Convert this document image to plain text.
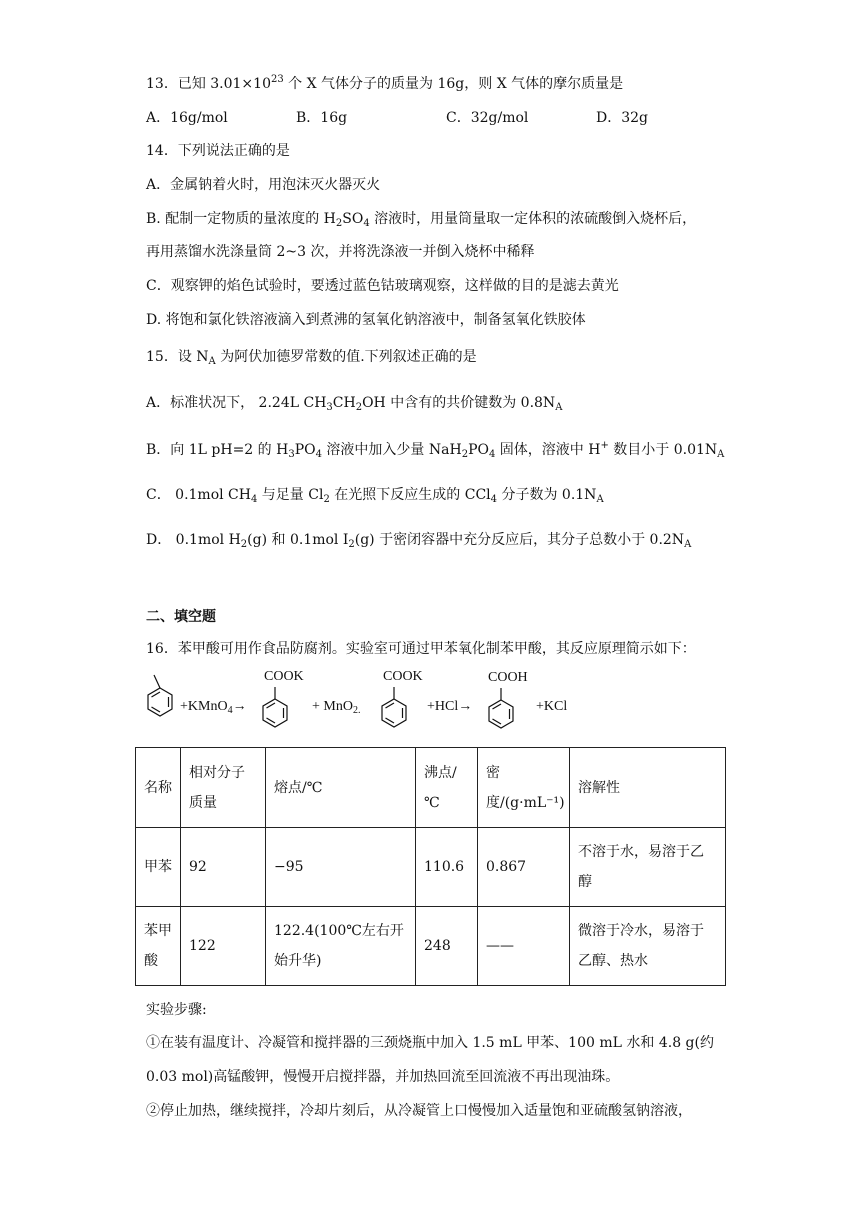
13．已知 $3.01\times 10^{23}$ 个 X 气体分子的质量为 16g，则 X 气体的摩尔质量是
A．16g/mol	B．16g	C．32g/mol	D．32g
14．下列说法正确的是
A．金属钠着火时，用泡沫灭火器灭火
B. 配制一定物质的量浓度的 $H_2SO_4$ 溶液时，用量筒量取一定体积的浓硫酸倒入烧杯后，
再用蒸馏水洗涤量筒 2~3 次，并将洗涤液一并倒入烧杯中稀释
C．观察钾的焰色试验时，要透过蓝色钴玻璃观察，这样做的目的是滤去黄光
D. 将饱和氯化铁溶液滴入到煮沸的氢氧化钠溶液中，制备氢氧化铁胶体
15．设 $N_A$ 为阿伏加德罗常数的值.下列叙述正确的是
A．标准状况下， 2.24L $CH_3CH_2OH$ 中含有的共价键数为 $0.8N_A$
B．向 1L pH=2 的 $H_3PO_4$ 溶液中加入少量 $NaH_2PO_4$ 固体，溶液中 H+ 数目小于 $0.01N_A$
C． 0.1mol $CH_4$ 与足量 $Cl_2$ 在光照下反应生成的 CCl$_4$ 分子数为 $0.1N_A$
D． 0.1mol $H_2(g)$ 和 0.1mol $I_2(g)$ 于密闭容器中充分反应后，其分子总数小于 $0.2N_A$
二、填空题
16．苯甲酸可用作食品防腐剂。实验室可通过甲苯氧化制苯甲酸，其反应原理简示如下：
+KMnO$_4$→
COOK
+ MnO$_{2.}$
COOK
+HCl→
COOH
+KCl
名称	相对分子质量	熔点/℃	沸点/℃	密度/(g·mL⁻¹)	溶解性
甲苯	92	−95	110.6	0.867	不溶于水，易溶于乙醇
苯甲酸	122	122.4(100℃左右开始升华)	248	——	微溶于冷水，易溶于乙醇、热水
实验步骤:
①在装有温度计、冷凝管和搅拌器的三颈烧瓶中加入 1.5 mL 甲苯、100 mL 水和 4.8 g(约
0.03 mol)高锰酸钾，慢慢开启搅拌器，并加热回流至回流液不再出现油珠。
②停止加热，继续搅拌，冷却片刻后，从冷凝管上口慢慢加入适量饱和亚硫酸氢钠溶液，
